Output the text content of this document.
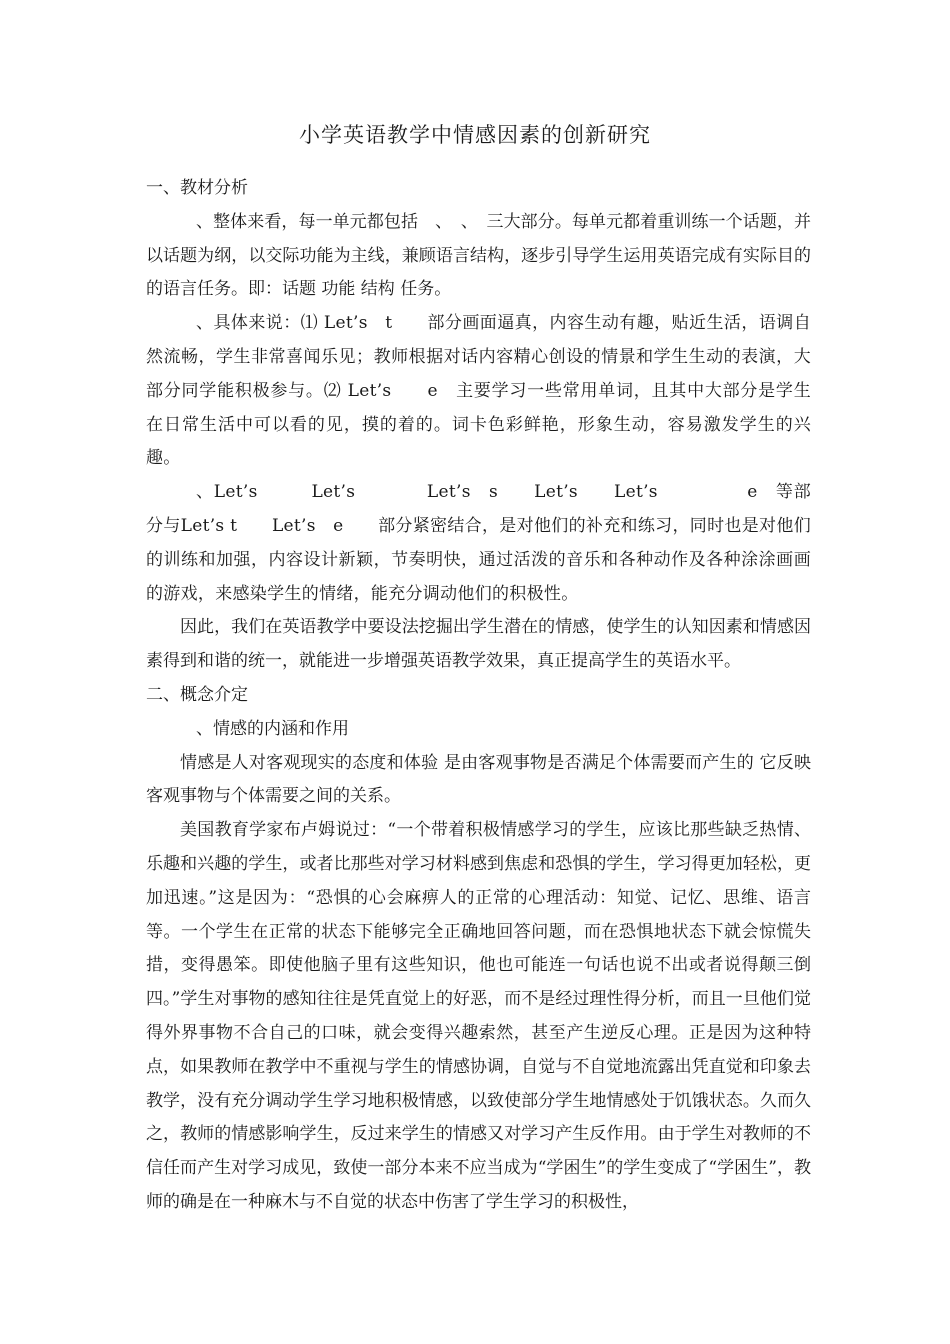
小学英语教学中情感因素的创新研究

一、教材分析

、整体来看，每一单元都包括　、　、　三大部分。每单元都着重训练一个话题，并以话题为纲，以交际功能为主线，兼顾语言结构，逐步引导学生运用英语完成有实际目的的语言任务。即：话题 功能 结构 任务。

、具体来说：⑴ Let’s　t　　部分画面逼真，内容生动有趣，贴近生活，语调自然流畅，学生非常喜闻乐见；教师根据对话内容精心创设的情景和学生生动的表演，大部分同学能积极参与。⑵ Let’s　　e　主要学习一些常用单词，且其中大部分是学生在日常生活中可以看的见，摸的着的。词卡色彩鲜艳，形象生动，容易激发学生的兴趣。

、Let’s　　　Let’s　　　　Let’s　s　　Let’s　　Let’s　　　　　e　等部分与Let’s t　　Let’s　e　　部分紧密结合，是对他们的补充和练习，同时也是对他们的训练和加强，内容设计新颖，节奏明快，通过活泼的音乐和各种动作及各种涂涂画画的游戏，来感染学生的情绪，能充分调动他们的积极性。

因此，我们在英语教学中要设法挖掘出学生潜在的情感，使学生的认知因素和情感因素得到和谐的统一，就能进一步增强英语教学效果，真正提高学生的英语水平。

二、概念介定

、情感的内涵和作用

情感是人对客观现实的态度和体验 是由客观事物是否满足个体需要而产生的 它反映客观事物与个体需要之间的关系。

美国教育学家布卢姆说过：“一个带着积极情感学习的学生，应该比那些缺乏热情、乐趣和兴趣的学生，或者比那些对学习材料感到焦虑和恐惧的学生，学习得更加轻松，更加迅速。”这是因为：“恐惧的心会麻痹人的正常的心理活动：知觉、记忆、思维、语言等。一个学生在正常的状态下能够完全正确地回答问题，而在恐惧地状态下就会惊慌失措，变得愚笨。即使他脑子里有这些知识，他也可能连一句话也说不出或者说得颠三倒四。”学生对事物的感知往往是凭直觉上的好恶，而不是经过理性得分析，而且一旦他们觉得外界事物不合自己的口味，就会变得兴趣索然，甚至产生逆反心理。正是因为这种特点，如果教师在教学中不重视与学生的情感协调，自觉与不自觉地流露出凭直觉和印象去教学，没有充分调动学生学习地积极情感，以致使部分学生地情感处于饥饿状态。久而久之，教师的情感影响学生，反过来学生的情感又对学习产生反作用。由于学生对教师的不信任而产生对学习成见，致使一部分本来不应当成为“学困生”的学生变成了“学困生”，教师的确是在一种麻木与不自觉的状态中伤害了学生学习的积极性，
